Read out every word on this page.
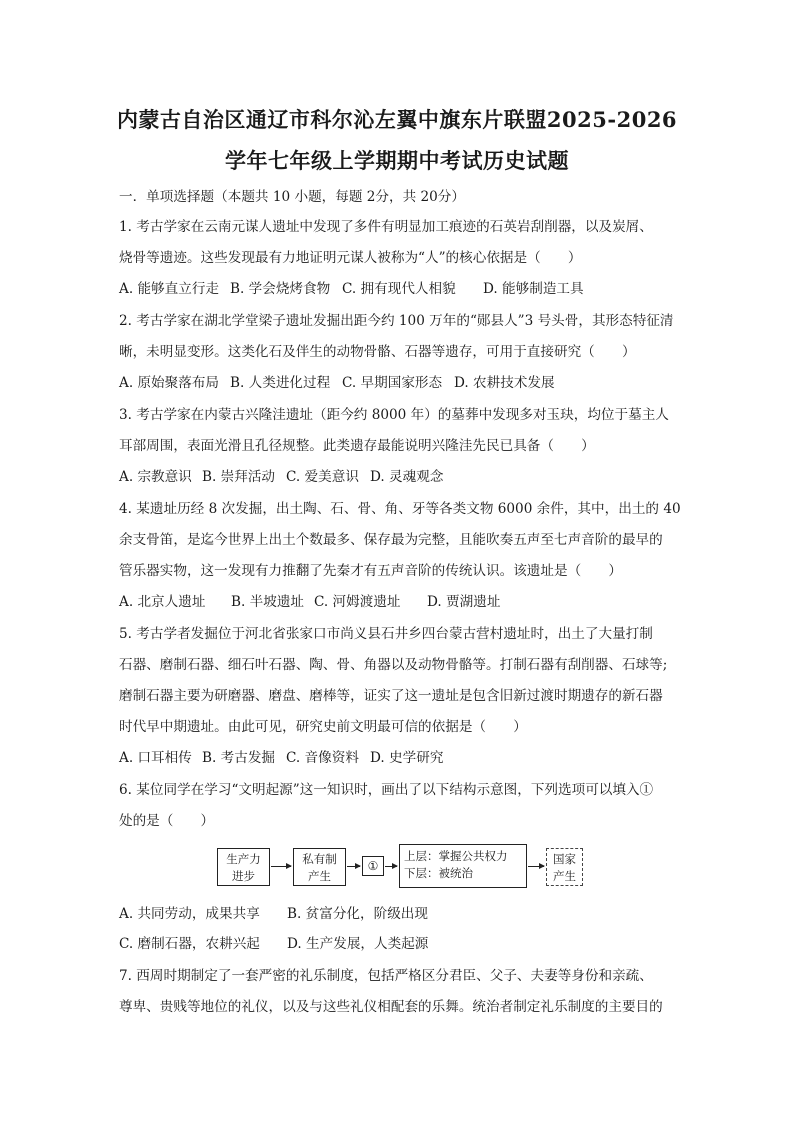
内蒙古自治区通辽市科尔沁左翼中旗东片联盟2025-2026
学年七年级上学期期中考试历史试题
一．单项选择题（本题共 10 小题，每题 2分，共 20分）
1. 考古学家在云南元谋人遗址中发现了多件有明显加工痕迹的石英岩刮削器，以及炭屑、
烧骨等遗迹。这些发现最有力地证明元谋人被称为“人”的核心依据是（　　）
A. 能够直立行走 B. 学会烧烤食物 C. 拥有现代人相貌 D. 能够制造工具
2. 考古学家在湖北学堂梁子遗址发掘出距今约 100 万年的“郧县人”3 号头骨，其形态特征清
晰，未明显变形。这类化石及伴生的动物骨骼、石器等遗存，可用于直接研究（　　）
A. 原始聚落布局 B. 人类进化过程 C. 早期国家形态 D. 农耕技术发展
3. 考古学家在内蒙古兴隆洼遗址（距今约 8000 年）的墓葬中发现多对玉玦，均位于墓主人
耳部周围，表面光滑且孔径规整。此类遗存最能说明兴隆洼先民已具备（　　）
A. 宗教意识 B. 崇拜活动 C. 爱美意识 D. 灵魂观念
4. 某遗址历经 8 次发掘，出土陶、石、骨、角、牙等各类文物 6000 余件，其中，出土的 40
余支骨笛，是迄今世界上出土个数最多、保存最为完整，且能吹奏五声至七声音阶的最早的
管乐器实物，这一发现有力推翻了先秦才有五声音阶的传统认识。该遗址是（　　）
A. 北京人遗址 B. 半坡遗址 C. 河姆渡遗址 D. 贾湖遗址
5. 考古学者发掘位于河北省张家口市尚义县石井乡四台蒙古营村遗址时，出土了大量打制
石器、磨制石器、细石叶石器、陶、骨、角器以及动物骨骼等。打制石器有刮削器、石球等;
磨制石器主要为研磨器、磨盘、磨棒等，证实了这一遗址是包含旧新过渡时期遗存的新石器
时代早中期遗址。由此可见，研究史前文明最可信的依据是（　　）
A. 口耳相传 B. 考古发掘 C. 音像资料 D. 史学研究
6. 某位同学在学习“文明起源”这一知识时，画出了以下结构示意图，下列选项可以填入①
处的是（　　）
生产力
进步
私有制
产生
①
上层：掌握公共权力
下层：被统治
国家
产生
A. 共同劳动，成果共享 B. 贫富分化，阶级出现
C. 磨制石器，农耕兴起 D. 生产发展，人类起源
7. 西周时期制定了一套严密的礼乐制度，包括严格区分君臣、父子、夫妻等身份和亲疏、
尊卑、贵贱等地位的礼仪，以及与这些礼仪相配套的乐舞。统治者制定礼乐制度的主要目的
